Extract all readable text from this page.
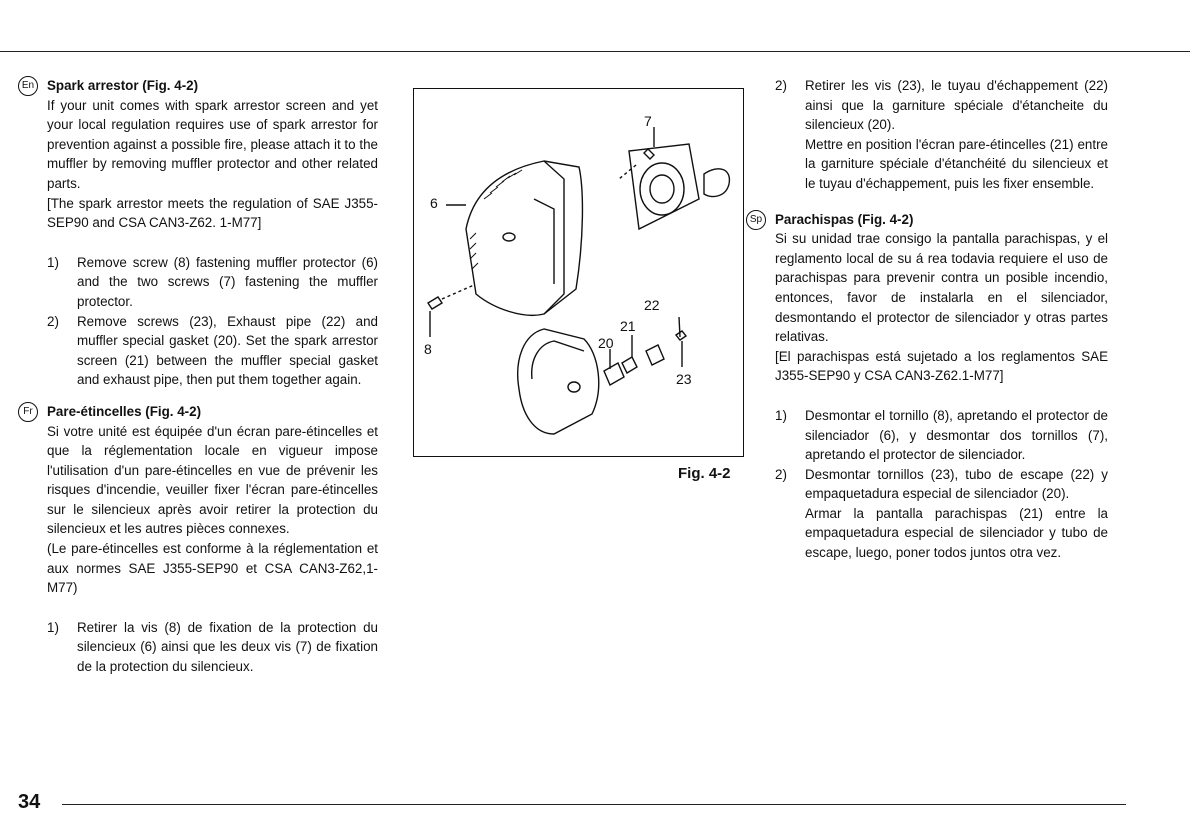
En Spark arrestor (Fig. 4-2)

If your unit comes with spark arrestor screen and yet your local regulation requires use of spark arrestor for prevention against a possible fire, please attach it to the muffler by removing muffler protector and other related parts.

[The spark arrestor meets the regulation of SAE J355-SEP90 and CSA CAN3-Z62. 1-M77]

1) Remove screw (8) fastening muffler protector (6) and the two screws (7) fastening the muffler protector.
2) Remove screws (23), Exhaust pipe (22) and muffler special gasket (20). Set the spark arrestor screen (21) between the muffler special gasket and exhaust pipe, then put them together again.
Fr	Pare-étincelles (Fig. 4-2)

Si votre unité est équipée d'un écran pare-étincelles et que la réglementation locale en vigueur impose l'utilisation d'un pare-étincelles en vue de prévenir les risques d'incendie, veuiller fixer l'écran pare-étincelles sur le silencieux après avoir retirer la protection du silencieux et les autres pièces connexes.

(Le pare-étincelles est conforme à la réglementation et aux normes SAE J355-SEP90 et CSA CAN3-Z62,1-M77)

1) Retirer la vis (8) de fixation de la protection du silencieux (6) ainsi que les deux vis (7) de fixation de la protection du silencieux.
7
6
8
22
21
20
23
Fig. 4-2
2) Retirer les vis (23), le tuyau d'échappement (22) ainsi que la garniture spéciale d'étancheite du silencieux (20).
Mettre en position l'écran pare-étincelles (21) entre la garniture spéciale d'étanchéité du silencieux et le tuyau d'échappement, puis les fixer ensemble.
Sp Parachispas (Fig. 4-2)

Si su unidad trae consigo la pantalla parachispas, y el reglamento local de su á rea todavia requiere el uso de parachispas para prevenir contra un posible incendio, entonces, favor de instalarla en el silenciador, desmontando el protector de silenciador y otras partes relativas.

[El parachispas está sujetado a los reglamentos SAE J355-SEP90 y CSA CAN3-Z62.1-M77]

1) Desmontar el tornillo (8), apretando el protector de silenciador (6), y desmontar dos tornillos (7), apretando el protector de silenciador.
2) Desmontar tornillos (23), tubo de escape (22) y empaquetadura especial de silenciador (20).
Armar la pantalla parachispas (21) entre la empaquetadura especial de silenciador y tubo de escape, luego, poner todos juntos otra vez.
34
